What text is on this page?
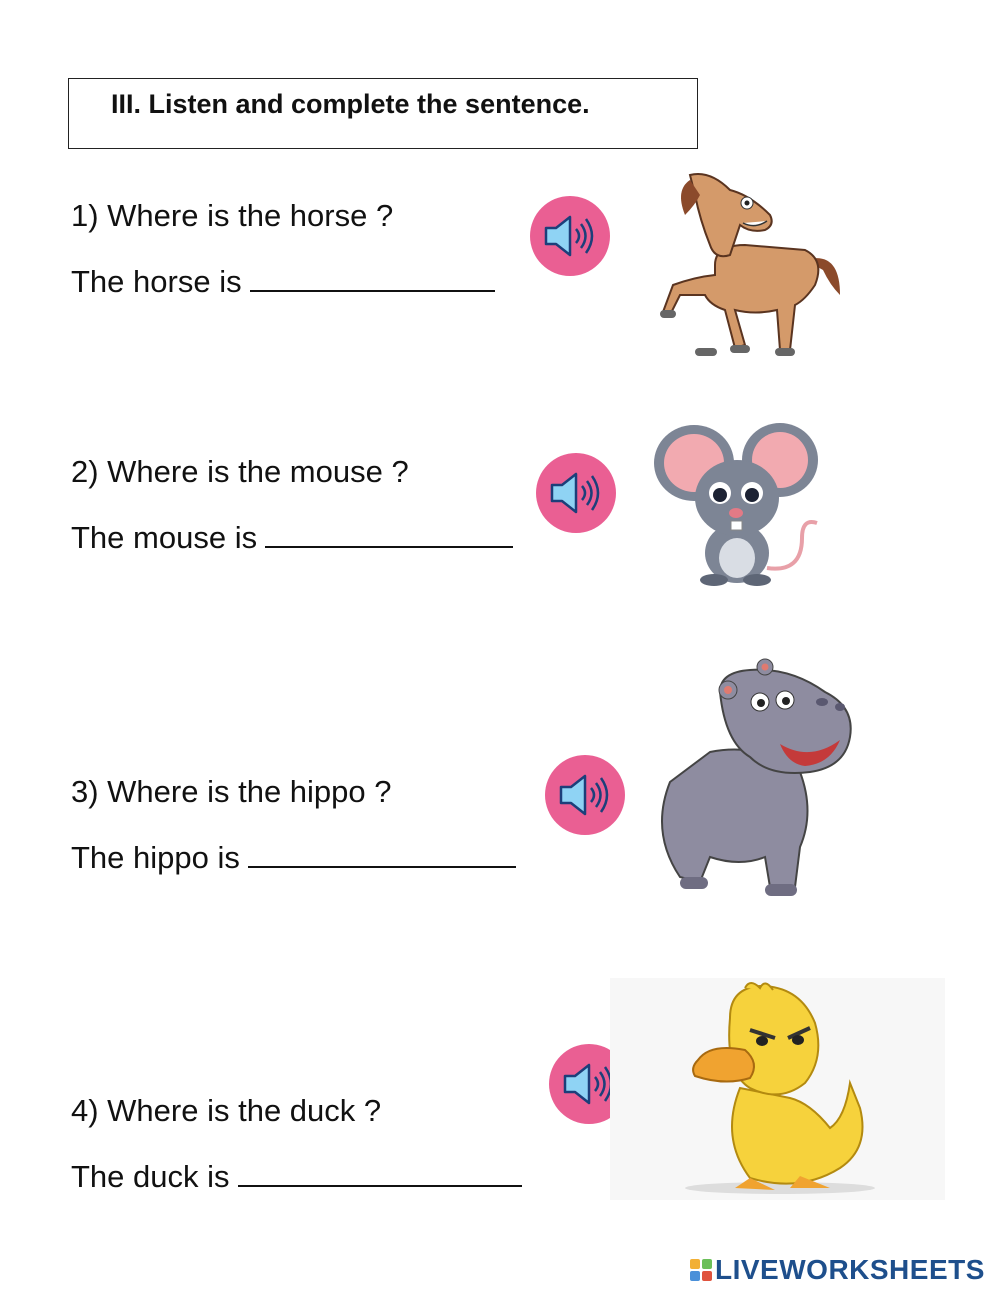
III. Listen and complete the sentence.
1) Where is the horse ?
The horse is
2) Where is the mouse ?
The mouse is
3) Where is the hippo ?
The hippo is
4) Where is the duck ?
The duck is
LIVEWORKSHEETS
